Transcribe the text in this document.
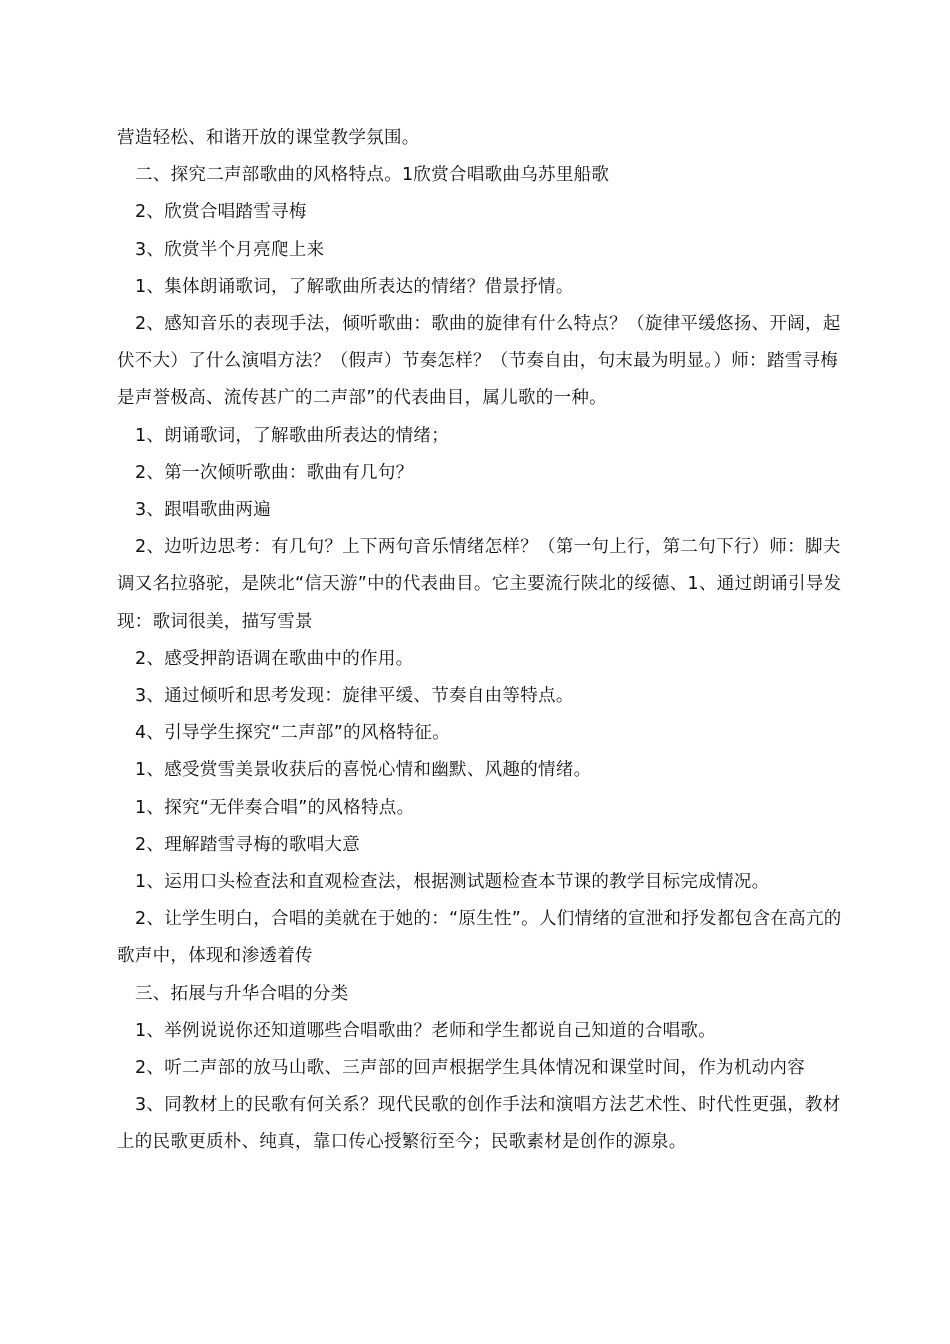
营造轻松、和谐开放的课堂教学氛围。

二、探究二声部歌曲的风格特点。1欣赏合唱歌曲乌苏里船歌

2、欣赏合唱踏雪寻梅

3、欣赏半个月亮爬上来

1、集体朗诵歌词，了解歌曲所表达的情绪？借景抒情。

2、感知音乐的表现手法，倾听歌曲：歌曲的旋律有什么特点？（旋律平缓悠扬、开阔，起伏不大）了什么演唱方法？（假声）节奏怎样？（节奏自由，句末最为明显。）师：踏雪寻梅是声誉极高、流传甚广的二声部”的代表曲目，属儿歌的一种。

1、朗诵歌词，了解歌曲所表达的情绪；

2、第一次倾听歌曲：歌曲有几句？

3、跟唱歌曲两遍

2、边听边思考：有几句？上下两句音乐情绪怎样？（第一句上行，第二句下行）师：脚夫调又名拉骆驼，是陕北“信天游”中的代表曲目。它主要流行陕北的绥德、1、通过朗诵引导发现：歌词很美，描写雪景

2、感受押韵语调在歌曲中的作用。

3、通过倾听和思考发现：旋律平缓、节奏自由等特点。

4、引导学生探究“二声部”的风格特征。

1、感受赏雪美景收获后的喜悦心情和幽默、风趣的情绪。

1、探究“无伴奏合唱”的风格特点。

2、理解踏雪寻梅的歌唱大意

1、运用口头检查法和直观检查法，根据测试题检查本节课的教学目标完成情况。

2、让学生明白，合唱的美就在于她的：“原生性”。人们情绪的宣泄和抒发都包含在高亢的歌声中，体现和渗透着传

三、拓展与升华合唱的分类

1、举例说说你还知道哪些合唱歌曲？老师和学生都说自己知道的合唱歌。

2、听二声部的放马山歌、三声部的回声根据学生具体情况和课堂时间，作为机动内容

3、同教材上的民歌有何关系？现代民歌的创作手法和演唱方法艺术性、时代性更强，教材上的民歌更质朴、纯真，靠口传心授繁衍至今；民歌素材是创作的源泉。
